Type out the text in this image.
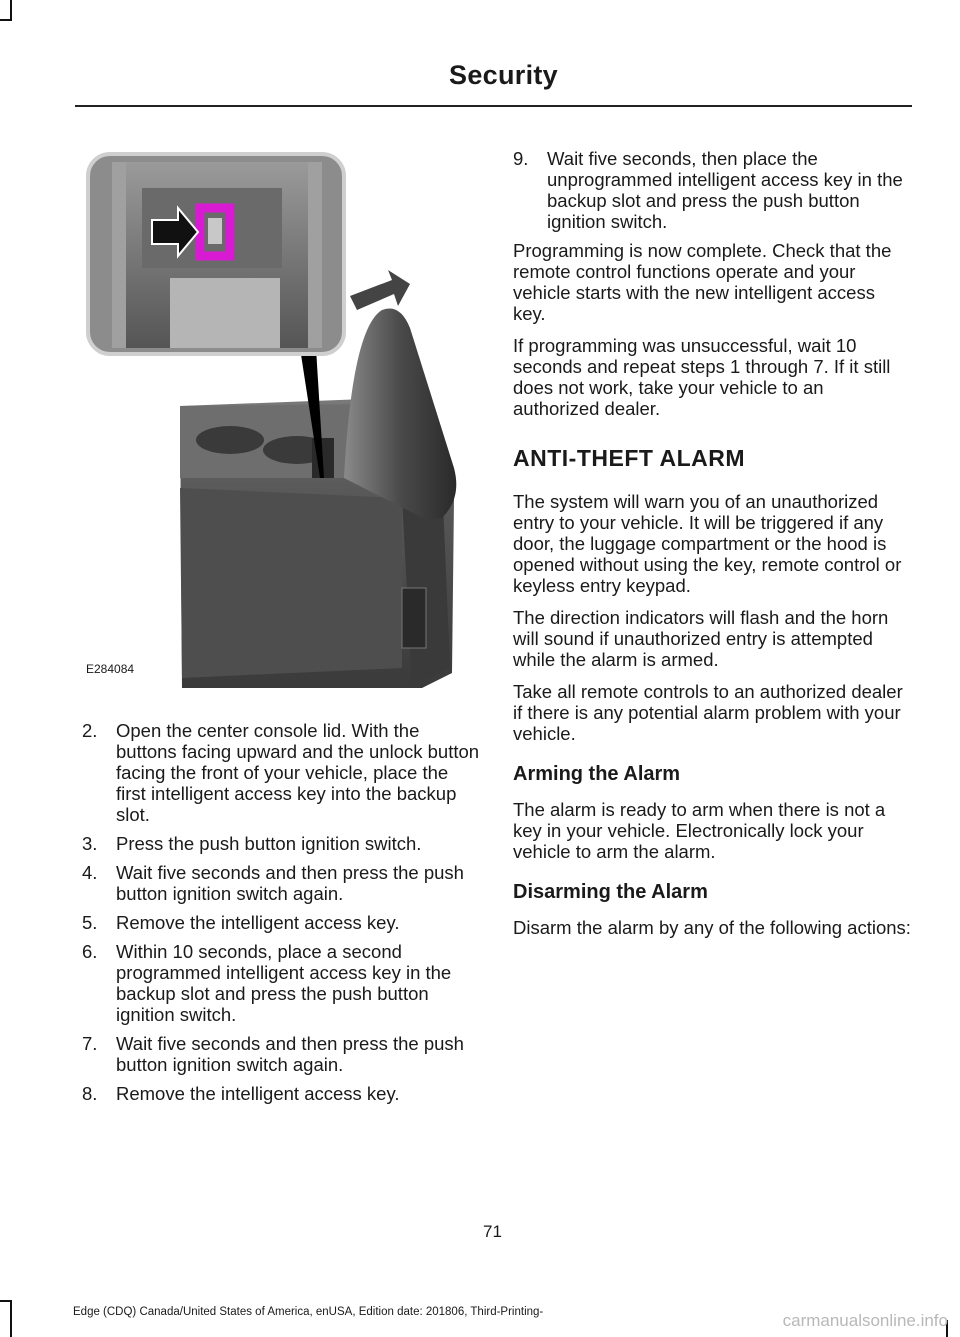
Security
E284084
2. Open the center console lid. With the buttons facing upward and the unlock button facing the front of your vehicle, place the first intelligent access key into the backup slot.
3. Press the push button ignition switch.
4. Wait five seconds and then press the push button ignition switch again.
5. Remove the intelligent access key.
6. Within 10 seconds, place a second programmed intelligent access key in the backup slot and press the push button ignition switch.
7. Wait five seconds and then press the push button ignition switch again.
8. Remove the intelligent access key.
9. Wait five seconds, then place the unprogrammed intelligent access key in the backup slot and press the push button ignition switch.

Programming is now complete. Check that the remote control functions operate and your vehicle starts with the new intelligent access key.

If programming was unsuccessful, wait 10 seconds and repeat steps 1 through 7. If it still does not work, take your vehicle to an authorized dealer.

ANTI-THEFT ALARM

The system will warn you of an unauthorized entry to your vehicle. It will be triggered if any door, the luggage compartment or the hood is opened without using the key, remote control or keyless entry keypad.

The direction indicators will flash and the horn will sound if unauthorized entry is attempted while the alarm is armed.

Take all remote controls to an authorized dealer if there is any potential alarm problem with your vehicle.

Arming the Alarm

The alarm is ready to arm when there is not a key in your vehicle. Electronically lock your vehicle to arm the alarm.

Disarming the Alarm

Disarm the alarm by any of the following actions:

71
Edge (CDQ) Canada/United States of America, enUSA, Edition date: 201806, Third-Printing-	carmanualsonline.info
